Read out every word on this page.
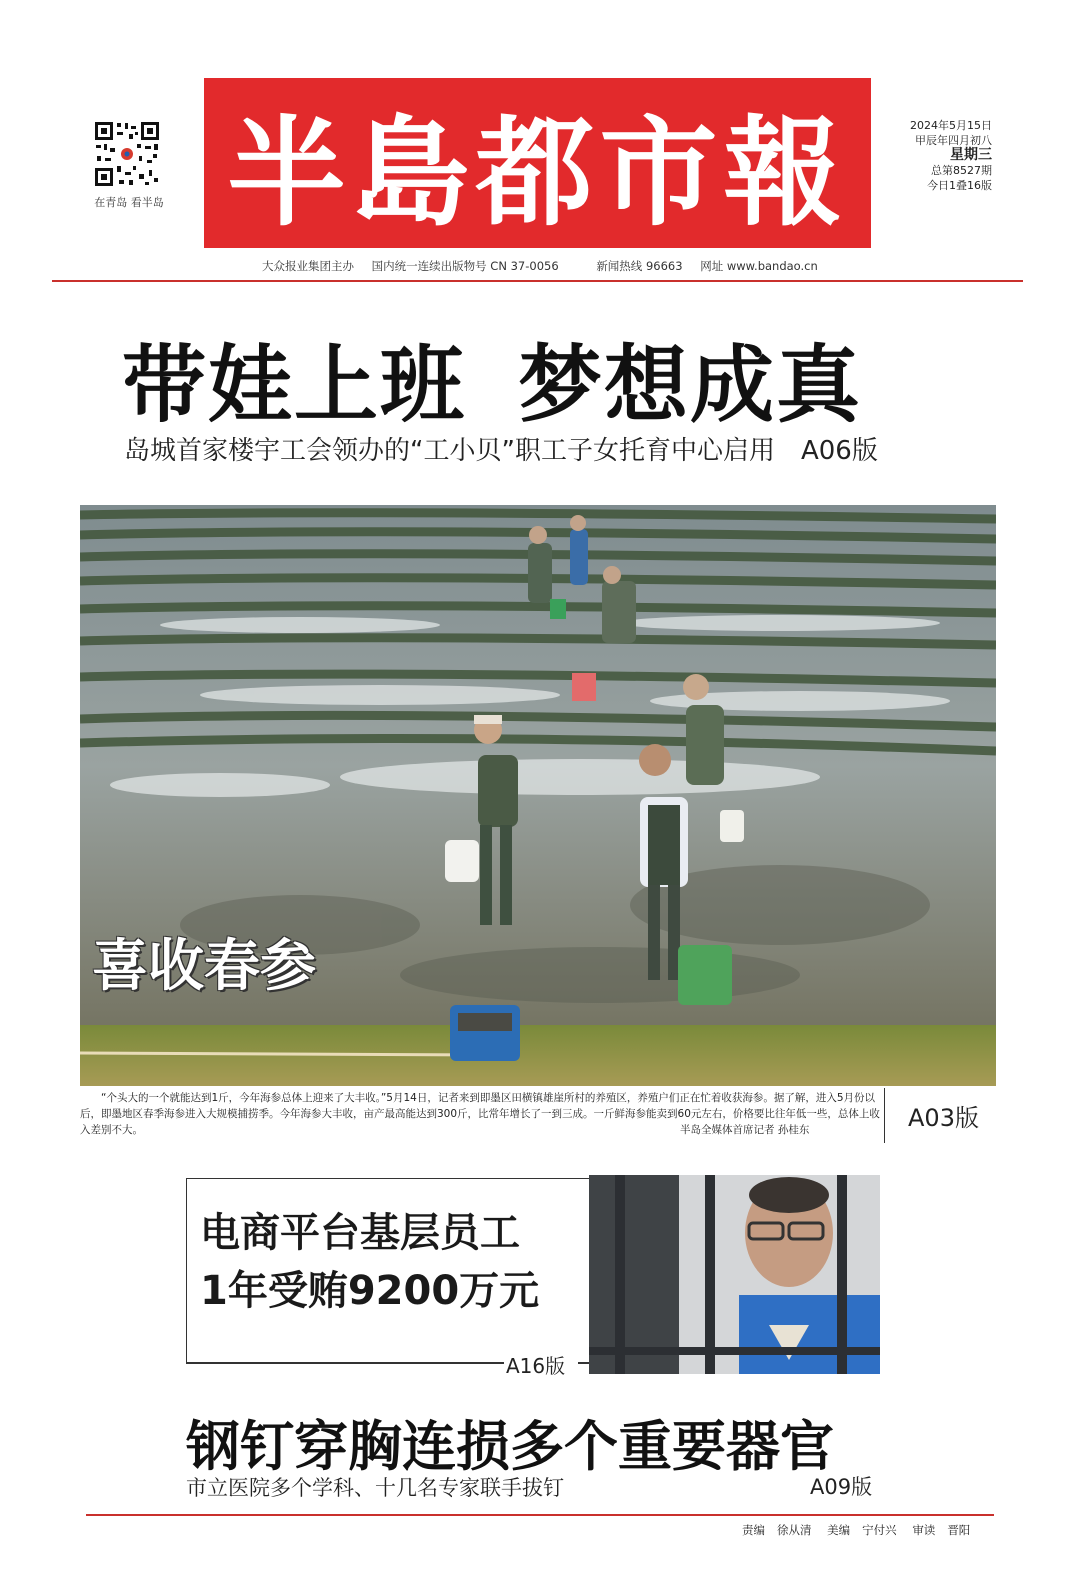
在青岛 看半岛 半島都市報	2024年5月15日
甲辰年四月初八
星期三
总第8527期
今日1叠16版
大众报业集团主办 国内统一连续出版物号 CN 37-0056	新闻热线 96663 网址 www.bandao.cn
带娃上班 梦想成真
岛城首家楼宇工会领办的“工小贝”职工子女托育中心启用 A06版
喜收春参
“个头大的一个就能达到1斤，今年海参总体上迎来了大丰收。”5月14日，记者来到即墨区田横镇雄崖所村的养殖区，养殖户们正在忙着收获海参。据了解，进入5月份以后，即墨地区春季海参进入大规模捕捞季。今年海参大丰收，亩产最高能达到300斤，比常年增长了一到三成。一斤鲜海参能卖到60元左右，价格要比往年低一些，总体上收入差别不大。	半岛全媒体首席记者 孙桂东	A03版
电商平台基层员工
1年受贿9200万元
A16版
钢钉穿胸连损多个重要器官
市立医院多个学科、十几名专家联手拔钉	A09版
责编 徐从清 美编 宁付兴 审读 晋阳
